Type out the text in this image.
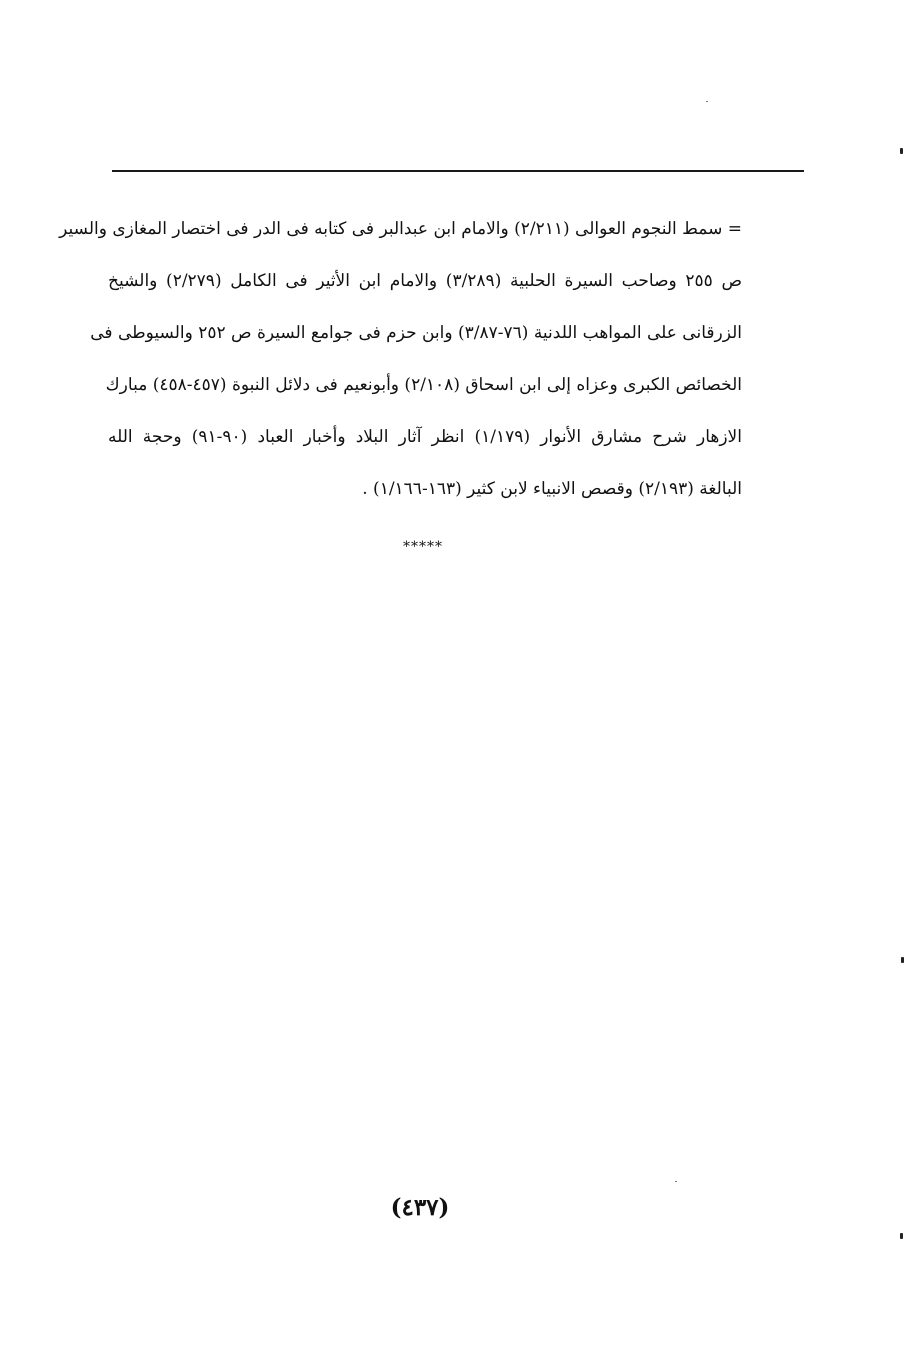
= سمط النجوم العوالى (٢/٢١١) والامام ابن عبدالبر فى كتابه فى الدر فى اختصار المغازى والسير
ص ٢٥٥ وصاحب السيرة الحلبية (٣/٢٨٩) والامام ابن الأثير فى الكامل (٢/٢٧٩) والشيخ
الزرقانى على المواهب اللدنية (٧٦-٣/٨٧) وابن حزم فى جوامع السيرة ص ٢٥٢ والسيوطى فى
الخصائص الكبرى وعزاه إلى ابن اسحاق (٢/١٠٨) وأبونعيم فى دلائل النبوة (٤٥٧-٤٥٨) مبارك
الازهار شرح مشارق الأنوار (١/١٧٩) انظر آثار البلاد وأخبار العباد (٩٠-٩١) وحجة الله
البالغة (٢/١٩٣) وقصص الانبياء لابن كثير (١٦٣-١/١٦٦) .
*****
(٤٣٧)
